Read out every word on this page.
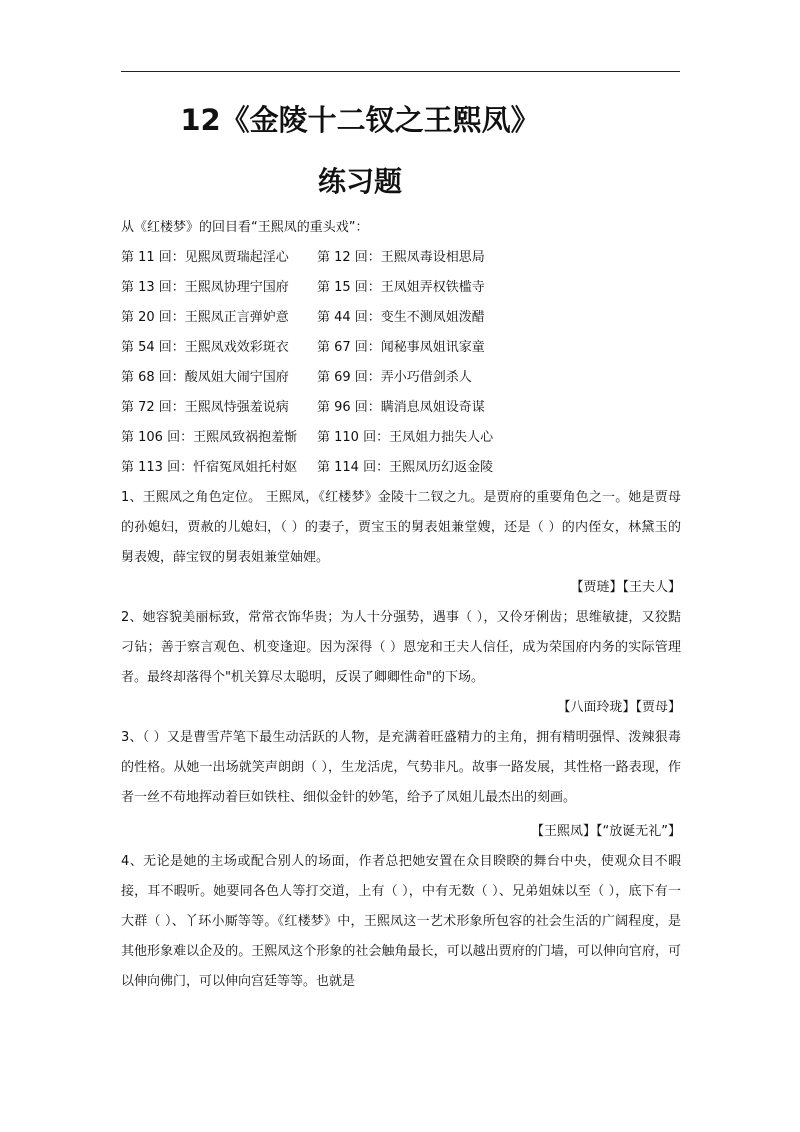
12《金陵十二钗之王熙凤》
练习题

从《红楼梦》的回目看“王熙凤的重头戏”：

第 11 回：见熙凤贾瑞起淫心	第 12 回：王熙凤毒设相思局
第 13 回：王熙凤协理宁国府	第 15 回：王凤姐弄权铁槛寺
第 20 回：王熙凤正言弹妒意	第 44 回：变生不测凤姐泼醋
第 54 回：王熙凤戏效彩斑衣	第 67 回：闻秘事凤姐讯家童
第 68 回：酸凤姐大闹宁国府	第 69 回：弄小巧借剑杀人
第 72 回：王熙凤恃强羞说病	第 96 回：瞒消息凤姐设奇谋
第 106 回：王熙凤致祸抱羞惭	第 110 回：王凤姐力拙失人心
第 113 回：忏宿冤凤姐托村妪	第 114 回：王熙凤历幻返金陵

1、王熙凤之角色定位。 王熙凤，《红楼梦》金陵十二钗之九。是贾府的重要角色之一。她是贾母的孙媳妇，贾赦的儿媳妇，（ ）的妻子，贾宝玉的舅表姐兼堂嫂，还是（ ）的内侄女，林黛玉的舅表嫂，薛宝钗的舅表姐兼堂妯娌。

【贾琏】【王夫人】

2、她容貌美丽标致，常常衣饰华贵；为人十分强势，遇事（ ），又伶牙俐齿；思维敏捷，又狡黠刁钻；善于察言观色、机变逢迎。因为深得（ ）恩宠和王夫人信任，成为荣国府内务的实际管理者。最终却落得个"机关算尽太聪明，反误了卿卿性命"的下场。

【八面玲珑】【贾母】

3、（ ）又是曹雪芹笔下最生动活跃的人物，是充满着旺盛精力的主角，拥有精明强悍、泼辣狠毒的性格。从她一出场就笑声朗朗（ ），生龙活虎，气势非凡。故事一路发展，其性格一路表现，作者一丝不苟地挥动着巨如铁柱、细似金针的妙笔，给予了凤姐儿最杰出的刻画。

【王熙凤】【“放诞无礼”】

4、无论是她的主场或配合别人的场面，作者总把她安置在众目睽睽的舞台中央，使观众目不暇接，耳不暇听。她要同各色人等打交道，上有（ ），中有无数（ ）、兄弟姐妹以至（ ），底下有一大群（ ）、丫环小厮等等。《红楼梦》中，王熙凤这一艺术形象所包容的社会生活的广阔程度，是其他形象难以企及的。王熙凤这个形象的社会触角最长，可以越出贾府的门墙，可以伸向官府，可以伸向佛门，可以伸向宫廷等等。也就是
